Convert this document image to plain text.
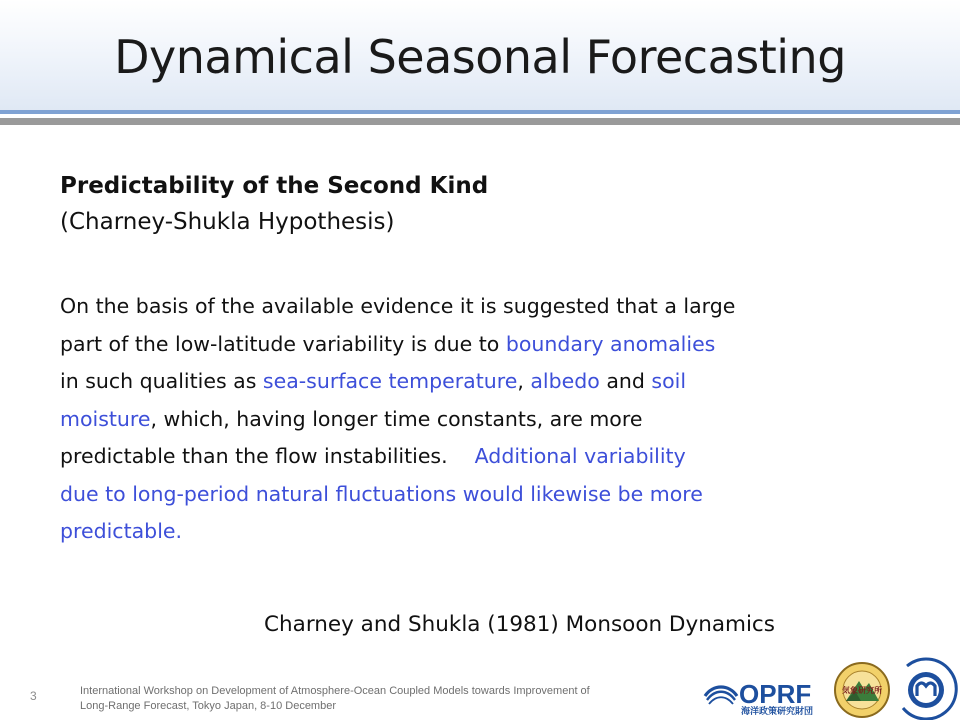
Dynamical Seasonal Forecasting
Predictability of the Second Kind
(Charney-Shukla Hypothesis)
On the basis of the available evidence it is suggested that a large
part of the low-latitude variability is due to boundary anomalies
in such qualities as sea-surface temperature, albedo and soil
moisture, which, having longer time constants, are more
predictable than the flow instabilities. Additional variability
due to long-period natural fluctuations would likewise be more
predictable.
Charney and Shukla (1981) Monsoon Dynamics
3	International Workshop on Development of Atmosphere-Ocean Coupled Models towards Improvement of
Long-Range Forecast, Tokyo Japan, 8-10 December	OPRF
海洋政策研究財団
気象研究所
